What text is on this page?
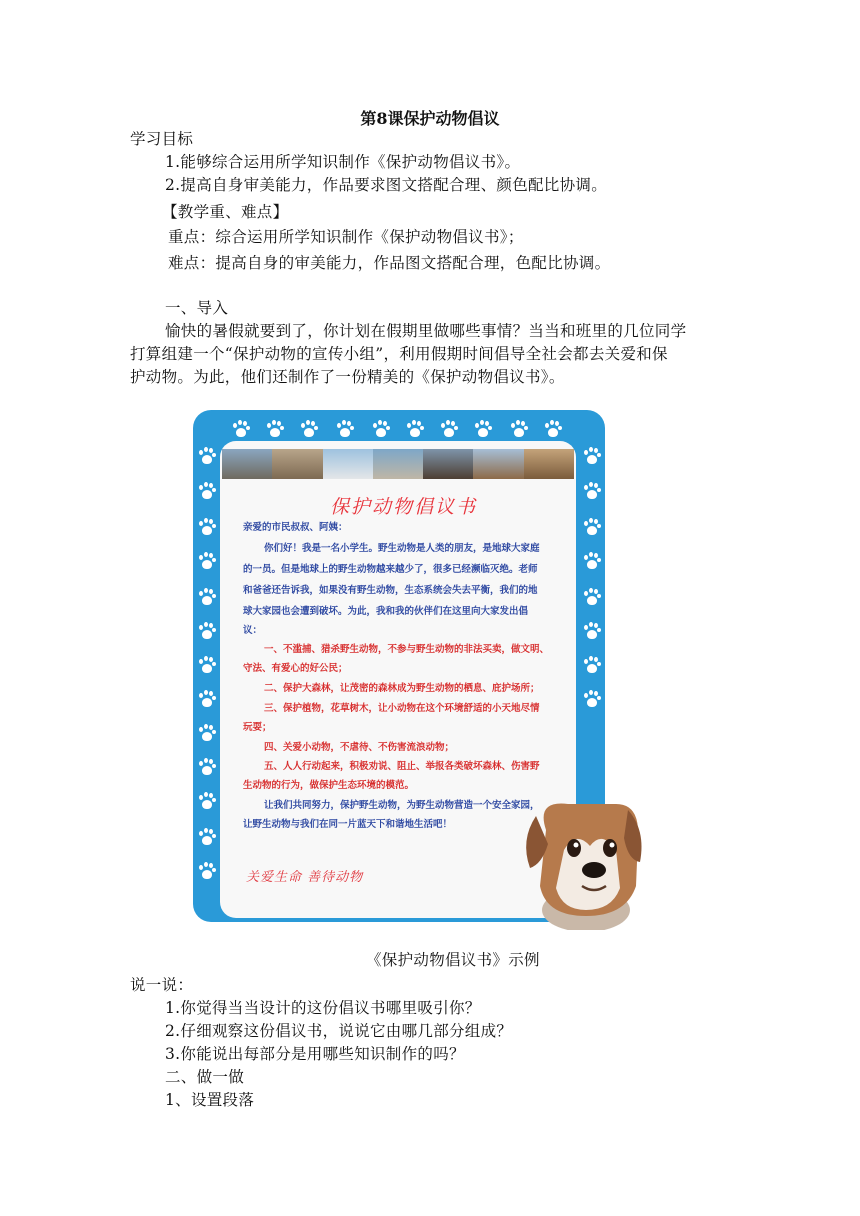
第8课保护动物倡议
学习目标
1.能够综合运用所学知识制作《保护动物倡议书》。
2.提高自身审美能力，作品要求图文搭配合理、颜色配比协调。
【教学重、难点】
重点：综合运用所学知识制作《保护动物倡议书》；
难点：提高自身的审美能力，作品图文搭配合理，色配比协调。
一、导入
愉快的暑假就要到了，你计划在假期里做哪些事情？当当和班里的几位同学
打算组建一个“保护动物的宣传小组”，利用假期时间倡导全社会都去关爱和保
护动物。为此，他们还制作了一份精美的《保护动物倡议书》。
保护动物倡议书
亲爱的市民叔叔、阿姨：
你们好！我是一名小学生。野生动物是人类的朋友，是地球大家庭
的一员。但是地球上的野生动物越来越少了，很多已经濒临灭绝。老师
和爸爸还告诉我，如果没有野生动物，生态系统会失去平衡，我们的地
球大家园也会遭到破坏。为此，我和我的伙伴们在这里向大家发出倡
议：
一、不滥捕、猎杀野生动物，不参与野生动物的非法买卖，做文明、
守法、有爱心的好公民；
二、保护大森林，让茂密的森林成为野生动物的栖息、庇护场所；
三、保护植物，花草树木，让小动物在这个环境舒适的小天地尽情
玩耍；
四、关爱小动物，不虐待、不伤害流浪动物；
五、人人行动起来，积极劝说、阻止、举报各类破坏森林、伤害野
生动物的行为，做保护生态环境的模范。
让我们共同努力，保护野生动物，为野生动物营造一个安全家园，
让野生动物与我们在同一片蓝天下和谐地生活吧！
关爱生命 善待动物
《保护动物倡议书》示例
说一说：
1.你觉得当当设计的这份倡议书哪里吸引你？
2.仔细观察这份倡议书，说说它由哪几部分组成？
3.你能说出每部分是用哪些知识制作的吗？
二、做一做
1、设置段落
